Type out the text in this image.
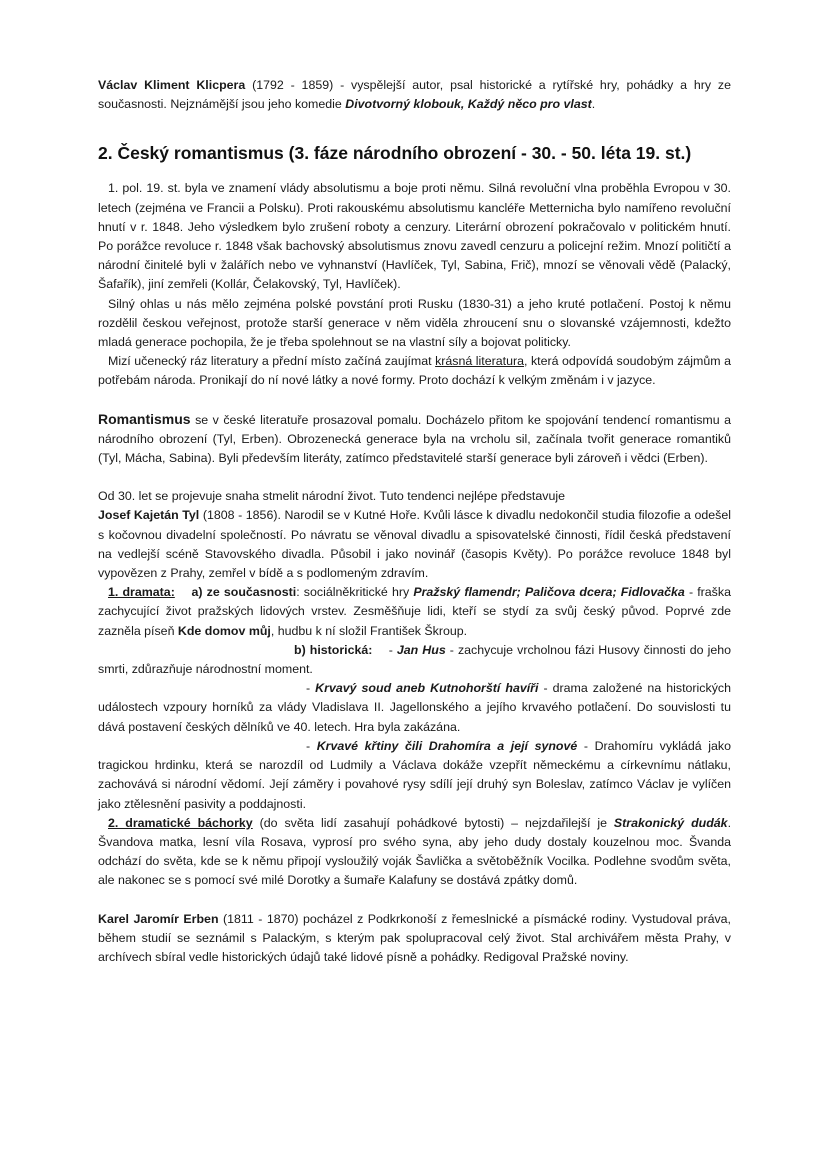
Václav Kliment Klicpera (1792 - 1859) - vyspělejší autor, psal historické a rytířské hry, pohádky a hry ze současnosti. Nejznámější jsou jeho komedie Divotvorný klobouk, Každý něco pro vlast.

2. Český romantismus (3. fáze národního obrození - 30. - 50. léta 19. st.)

1. pol. 19. st. byla ve znamení vlády absolutismu a boje proti němu. Silná revoluční vlna proběhla Evropou v 30. letech (zejména ve Francii a Polsku). Proti rakouskému absolutismu kancléře Metternicha bylo namířeno revoluční hnutí v r. 1848. Jeho výsledkem bylo zrušení roboty a cenzury. Literární obrození pokračovalo v politickém hnutí. Po porážce revoluce r. 1848 však bachovský absolutismus znovu zavedl cenzuru a policejní režim. Mnozí političtí a národní činitelé byli v žalářích nebo ve vyhnanství (Havlíček, Tyl, Sabina, Frič), mnozí se věnovali vědě (Palacký, Šafařík), jiní zemřeli (Kollár, Čelakovský, Tyl, Havlíček).

Silný ohlas u nás mělo zejména polské povstání proti Rusku (1830-31) a jeho kruté potlačení. Postoj k němu rozdělil českou veřejnost, protože starší generace v něm viděla zhroucení snu o slovanské vzájemnosti, kdežto mladá generace pochopila, že je třeba spolehnout se na vlastní síly a bojovat politicky.

Mizí učenecký ráz literatury a přední místo začíná zaujímat krásná literatura, která odpovídá soudobým zájmům a potřebám národa. Pronikají do ní nové látky a nové formy. Proto dochází k velkým změnám i v jazyce.

Romantismus se v české literatuře prosazoval pomalu. Docházelo přitom ke spojování tendencí romantismu a národního obrození (Tyl, Erben). Obrozenecká generace byla na vrcholu sil, začínala tvořit generace romantiků (Tyl, Mácha, Sabina). Byli především literáty, zatímco představitelé starší generace byli zároveň i vědci (Erben).

Od 30. let se projevuje snaha stmelit národní život. Tuto tendenci nejlépe představuje

Josef Kajetán Tyl (1808 - 1856). Narodil se v Kutné Hoře. Kvůli lásce k divadlu nedokončil studia filozofie a odešel s kočovnou divadelní společností. Po návratu se věnoval divadlu a spisovatelské činnosti, řídil česká představení na vedlejší scéně Stavovského divadla. Působil i jako novinář (časopis Květy). Po porážce revoluce 1848 byl vypovězen z Prahy, zemřel v bídě a s podlomeným zdravím.

1. dramata: a) ze současnosti: sociálněkritické hry Pražský flamendr; Paličova dcera; Fidlovačka - fraška zachycující život pražských lidových vrstev. Zesměšňuje lidi, kteří se stydí za svůj český původ. Poprvé zde zazněla píseň Kde domov můj, hudbu k ní složil František Škroup.

b) historická: - Jan Hus - zachycuje vrcholnou fázi Husovy činnosti do jeho smrti, zdůrazňuje národnostní moment.

- Krvavý soud aneb Kutnohorští havíři - drama založené na historických událostech vzpoury horníků za vlády Vladislava II. Jagellonského a jejího krvavého potlačení. Do souvislosti tu dává postavení českých dělníků ve 40. letech. Hra byla zakázána.

- Krvavé křtiny čili Drahomíra a její synové - Drahomíru vykládá jako tragickou hrdinku, která se narozdíl od Ludmily a Václava dokáže vzepřít německému a církevnímu nátlaku, zachovává si národní vědomí. Její záměry i povahové rysy sdílí její druhý syn Boleslav, zatímco Václav je vylíčen jako ztělesnění pasivity a poddajnosti.

2. dramatické báchorky (do světa lidí zasahují pohádkové bytosti) – nejzdařilejší je Strakonický dudák. Švandova matka, lesní víla Rosava, vyprosí pro svého syna, aby jeho dudy dostaly kouzelnou moc. Švanda odchází do světa, kde se k němu připojí vysloužilý voják Šavlička a světoběžník Vocilka. Podlehne svodům světa, ale nakonec se s pomocí své milé Dorotky a šumaře Kalafuny se dostává zpátky domů.

Karel Jaromír Erben (1811 - 1870) pocházel z Podkrkonoší z řemeslnické a písmácké rodiny. Vystudoval práva, během studií se seznámil s Palackým, s kterým pak spolupracoval celý život. Stal archivářem města Prahy, v archívech sbíral vedle historických údajů také lidové písně a pohádky. Redigoval Pražské noviny.
